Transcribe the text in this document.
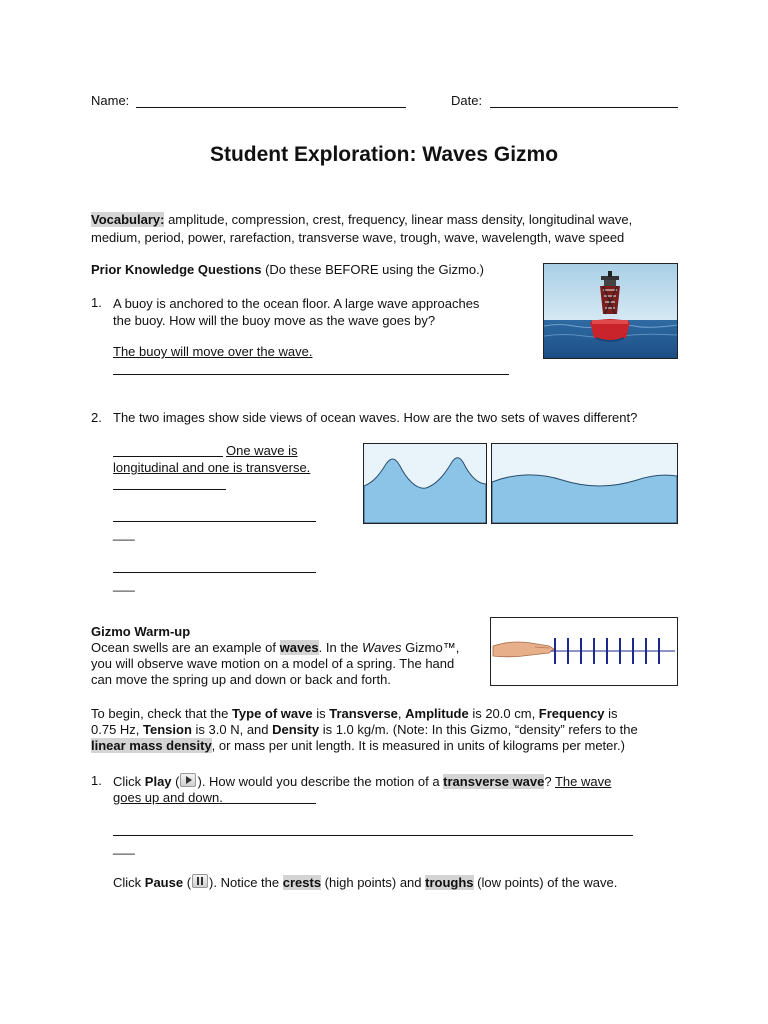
Name:	Date:
Student Exploration: Waves Gizmo
Vocabulary: amplitude, compression, crest, frequency, linear mass density, longitudinal wave,
medium, period, power, rarefaction, transverse wave, trough, wave, wavelength, wave speed
Prior Knowledge Questions (Do these BEFORE using the Gizmo.)
1. A buoy is anchored to the ocean floor. A large wave approaches
the buoy. How will the buoy move as the wave goes by?
The buoy will move over the wave.
2. The two images show side views of ocean waves. How are the two sets of waves different?
One wave is
longitudinal and one is transverse.
___
___
Gizmo Warm-up
Ocean swells are an example of waves. In the Waves Gizmo™,
you will observe wave motion on a model of a spring. The hand
can move the spring up and down or back and forth.
To begin, check that the Type of wave is Transverse, Amplitude is 20.0 cm, Frequency is
0.75 Hz, Tension is 3.0 N, and Density is 1.0 kg/m. (Note: In this Gizmo, “density” refers to the
linear mass density, or mass per unit length. It is measured in units of kilograms per meter.)
1. Click Play ( ). How would you describe the motion of a transverse wave? The wave
goes up and down.
___
Click Pause ( ). Notice the crests (high points) and troughs (low points) of the wave.
